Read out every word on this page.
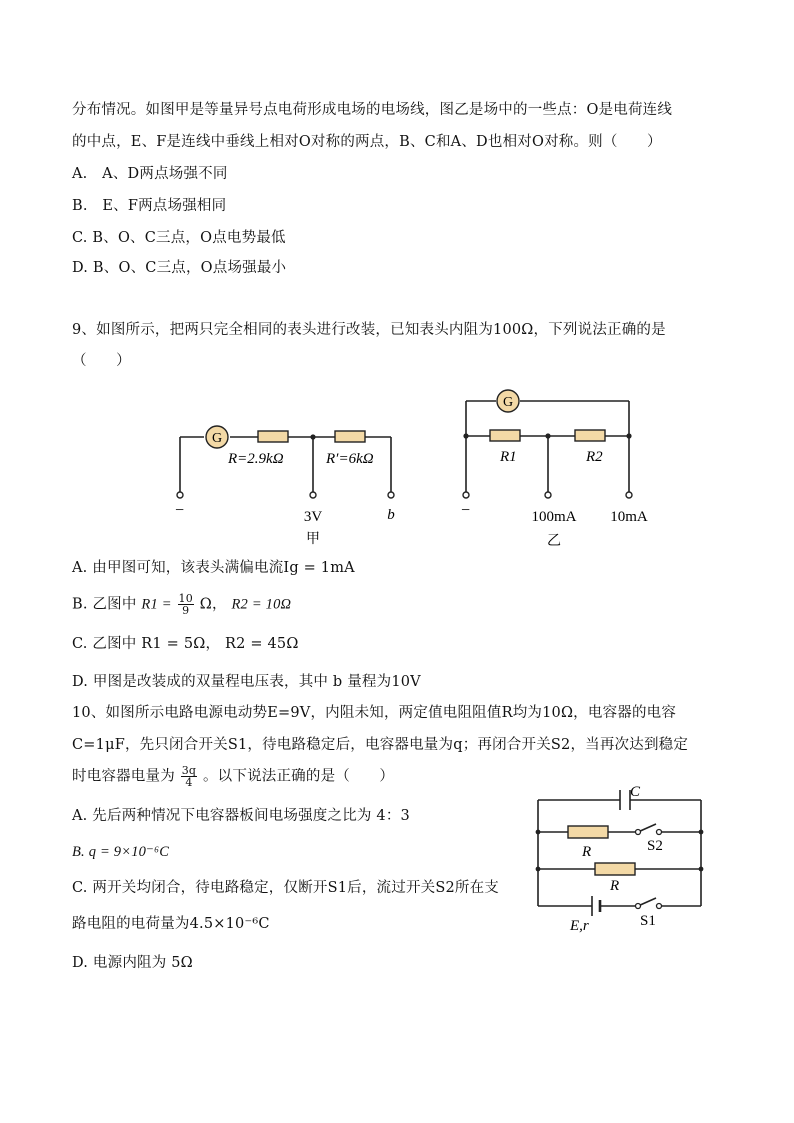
分布情况。如图甲是等量异号点电荷形成电场的电场线，图乙是场中的一些点：O是电荷连线
的中点，E、F是连线中垂线上相对O对称的两点，B、C和A、D也相对O对称。则（　　）
A.　A、D两点场强不同
B.　E、F两点场强相同
C. B、O、C三点，O点电势最低
D. B、O、C三点，O点场强最小
9、如图所示，把两只完全相同的表头进行改装，已知表头内阻为100Ω，下列说法正确的是
（　　）
G
R=2.9kΩ	R′=6kΩ
−	3V	b
甲
G
R1	R2
−	100mA 10mA
乙
A. 由甲图可知，该表头满偏电流Ig = 1mA
B. 乙图中 $R1 = \frac{10}{9}$ Ω， R2 = 10Ω
C. 乙图中 R1 = 5Ω， R2 = 45Ω
D. 甲图是改装成的双量程电压表，其中 b 量程为10V
10、如图所示电路电源电动势E=9V，内阻未知，两定值电阻阻值R均为10Ω，电容器的电容
C=1μF，先只闭合开关S1，待电路稳定后，电容器电量为q；再闭合开关S2，当再次达到稳定
时电容器电量为 $\frac{3q}{4}$ 。以下说法正确的是（　　）
A. 先后两种情况下电容器板间电场强度之比为 4：3
B. q = 9×10⁻⁶C
C. 两开关均闭合，待电路稳定，仅断开S1后，流过开关S2所在支
路电阻的电荷量为4.5×10⁻⁶C
D. 电源内阻为 5Ω
C
R	S2
R
E,r	S1
